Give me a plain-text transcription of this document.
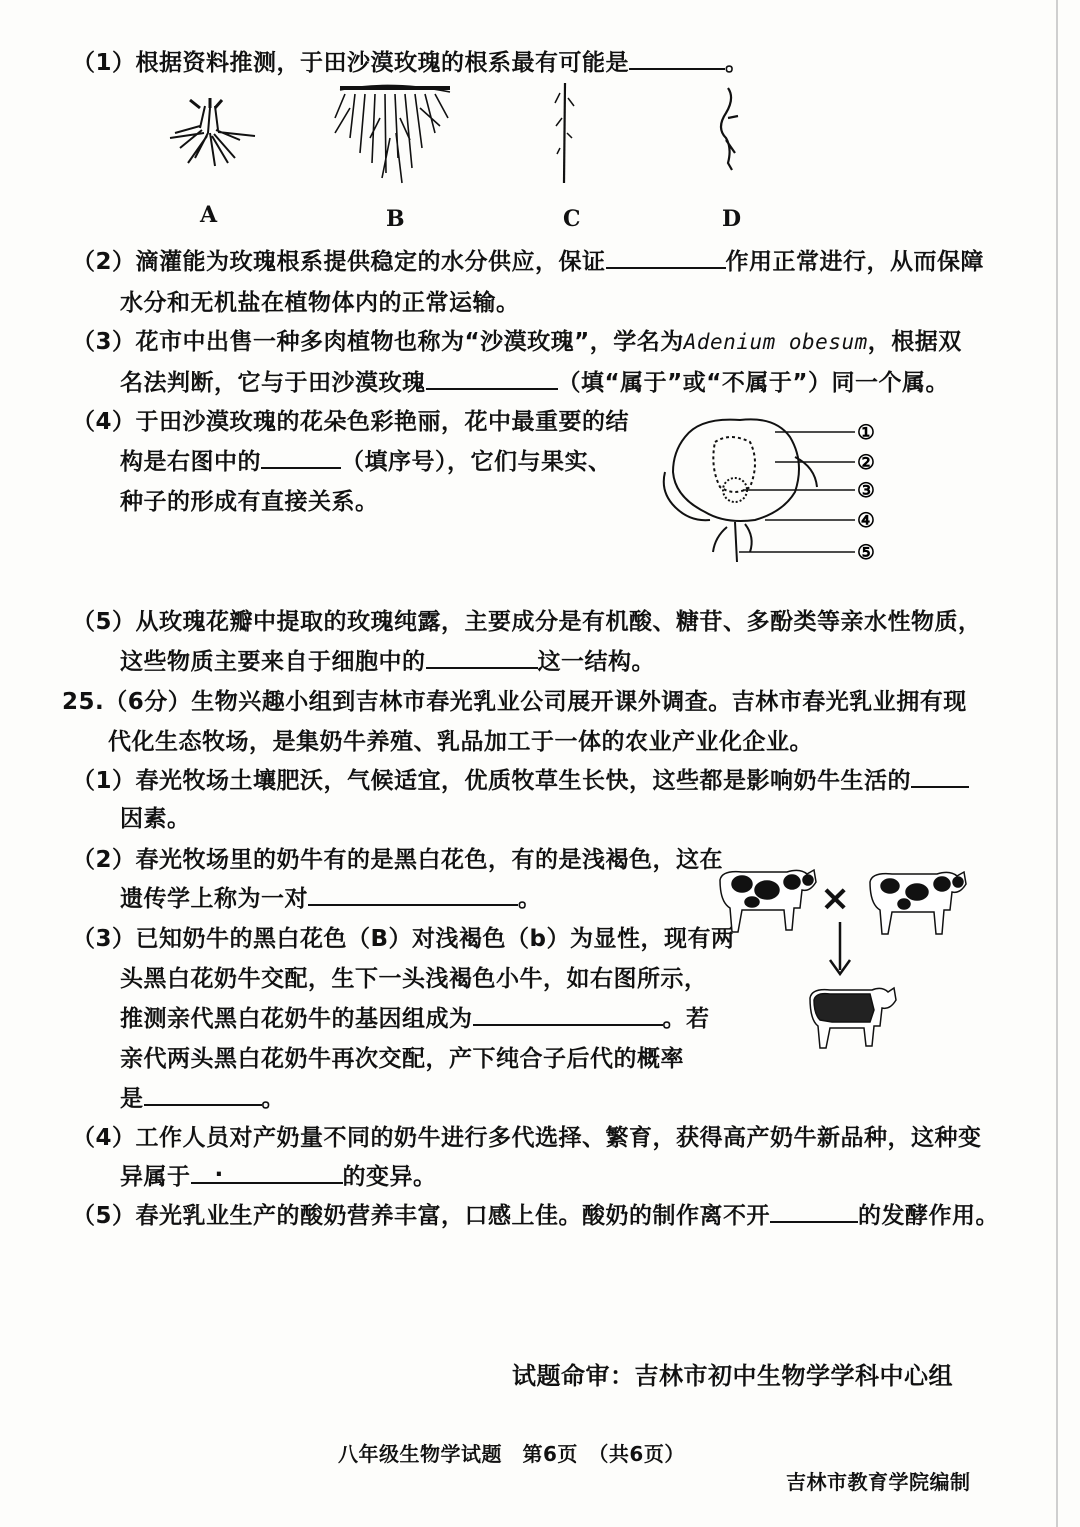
（1）根据资料推测，于田沙漠玫瑰的根系最有可能是	。
A	B	C	D
（2）滴灌能为玫瑰根系提供稳定的水分供应，保证	作用正常进行，从而保障
水分和无机盐在植物体内的正常运输。
（3）花市中出售一种多肉植物也称为“沙漠玫瑰”，学名为Adenium obesum，根据双
名法判断，它与于田沙漠玫瑰	（填“属于”或“不属于”）同一个属。
（4）于田沙漠玫瑰的花朵色彩艳丽，花中最重要的结
构是右图中的	（填序号），它们与果实、
种子的形成有直接关系。
①
②
③
④
⑤
（5）从玫瑰花瓣中提取的玫瑰纯露，主要成分是有机酸、糖苷、多酚类等亲水性物质，
这些物质主要来自于细胞中的	这一结构。
25.（6分）生物兴趣小组到吉林市春光乳业公司展开课外调查。吉林市春光乳业拥有现
代化生态牧场，是集奶牛养殖、乳品加工于一体的农业产业化企业。
（1）春光牧场土壤肥沃，气候适宜，优质牧草生长快，这些都是影响奶牛生活的
因素。
（2）春光牧场里的奶牛有的是黑白花色，有的是浅褐色，这在
遗传学上称为一对	。
（3）已知奶牛的黑白花色（B）对浅褐色（b）为显性，现有两
头黑白花奶牛交配，生下一头浅褐色小牛，如右图所示，
推测亲代黑白花奶牛的基因组成为	。若
亲代两头黑白花奶牛再次交配，产下纯合子后代的概率
是	。
×
（4）工作人员对产奶量不同的奶牛进行多代选择、繁育，获得高产奶牛新品种，这种变
异属于 .	的变异。
（5）春光乳业生产的酸奶营养丰富，口感上佳。酸奶的制作离不开	的发酵作用。
试题命审：吉林市初中生物学学科中心组
八年级生物学试题　第6页　（共6页）
吉林市教育学院编制
